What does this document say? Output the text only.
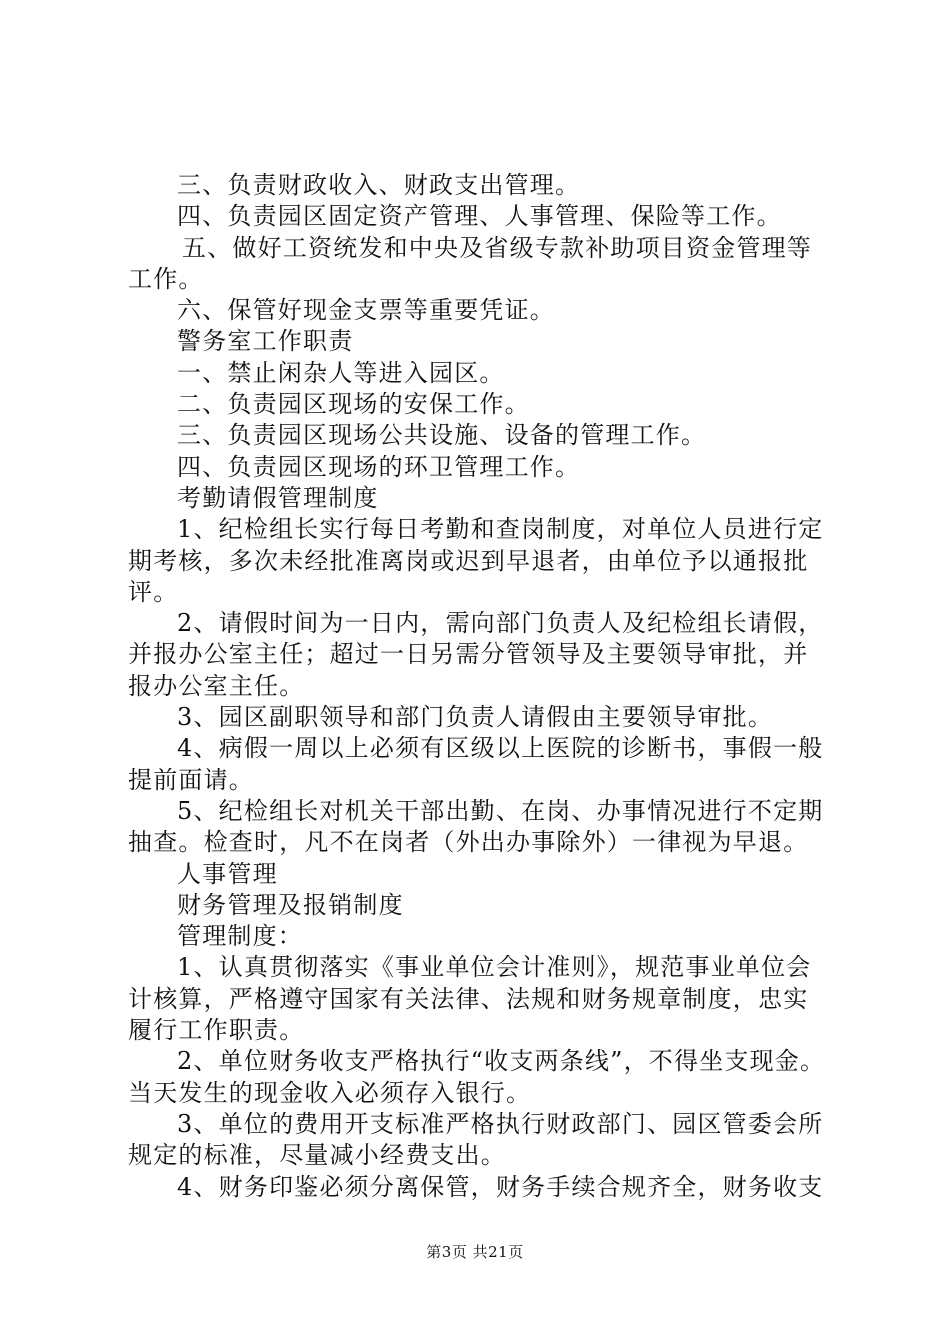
三、负责财政收入、财政支出管理。
四、负责园区固定资产管理、人事管理、保险等工作。
五、做好工资统发和中央及省级专款补助项目资金管理等
工作。
六、保管好现金支票等重要凭证。
警务室工作职责
一、禁止闲杂人等进入园区。
二、负责园区现场的安保工作。
三、负责园区现场公共设施、设备的管理工作。
四、负责园区现场的环卫管理工作。
考勤请假管理制度
1、纪检组长实行每日考勤和查岗制度，对单位人员进行定
期考核，多次未经批准离岗或迟到早退者，由单位予以通报批
评。
2、请假时间为一日内，需向部门负责人及纪检组长请假，
并报办公室主任；超过一日另需分管领导及主要领导审批，并
报办公室主任。
3、园区副职领导和部门负责人请假由主要领导审批。
4、病假一周以上必须有区级以上医院的诊断书，事假一般
提前面请。
5、纪检组长对机关干部出勤、在岗、办事情况进行不定期
抽查。检查时，凡不在岗者（外出办事除外）一律视为早退。
人事管理
财务管理及报销制度
管理制度：
1、认真贯彻落实《事业单位会计准则》，规范事业单位会
计核算，严格遵守国家有关法律、法规和财务规章制度，忠实
履行工作职责。
2、单位财务收支严格执行“收支两条线”，不得坐支现金。
当天发生的现金收入必须存入银行。
3、单位的费用开支标准严格执行财政部门、园区管委会所
规定的标准，尽量减小经费支出。
4、财务印鉴必须分离保管，财务手续合规齐全，财务收支
第3页 共21页
